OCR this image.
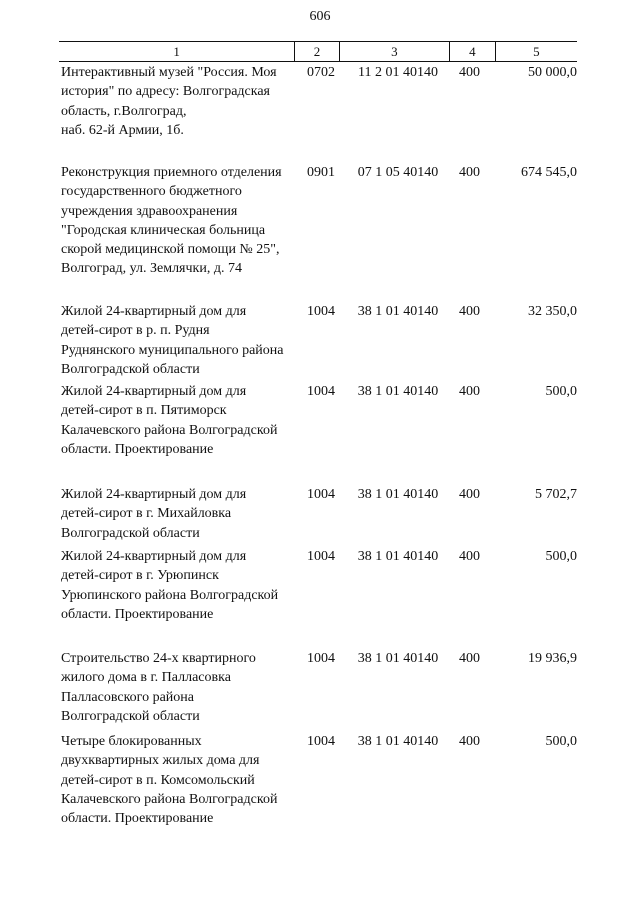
606
1	2	3	4	5
Интерактивный музей "Россия. Моя
история" по адресу: Волгоградская
область, г.Волгоград,
наб. 62-й Армии, 1б.
0702	11 2 01 40140	400	50 000,0
Реконструкция приемного отделения
государственного бюджетного
учреждения здравоохранения
"Городская клиническая больница
скорой медицинской помощи № 25",
Волгоград, ул. Землячки, д. 74
0901	07 1 05 40140	400	674 545,0
Жилой 24-квартирный дом для
детей-сирот в р. п. Рудня
Руднянского муниципального района
Волгоградской области
1004	38 1 01 40140	400	32 350,0
Жилой 24-квартирный дом для
детей-сирот в п. Пятиморск
Калачевского района Волгоградской
области. Проектирование
1004	38 1 01 40140	400	500,0
Жилой 24-квартирный дом для
детей-сирот в г. Михайловка
Волгоградской области
1004	38 1 01 40140	400	5 702,7
Жилой 24-квартирный дом для
детей-сирот в г. Урюпинск
Урюпинского района Волгоградской
области. Проектирование
1004	38 1 01 40140	400	500,0
Строительство 24-х квартирного
жилого дома в г. Палласовка
Палласовского района
Волгоградской области
1004	38 1 01 40140	400	19 936,9
Четыре блокированных
двухквартирных жилых дома для
детей-сирот в п. Комсомольский
Калачевского района Волгоградской
области. Проектирование
1004	38 1 01 40140	400	500,0
